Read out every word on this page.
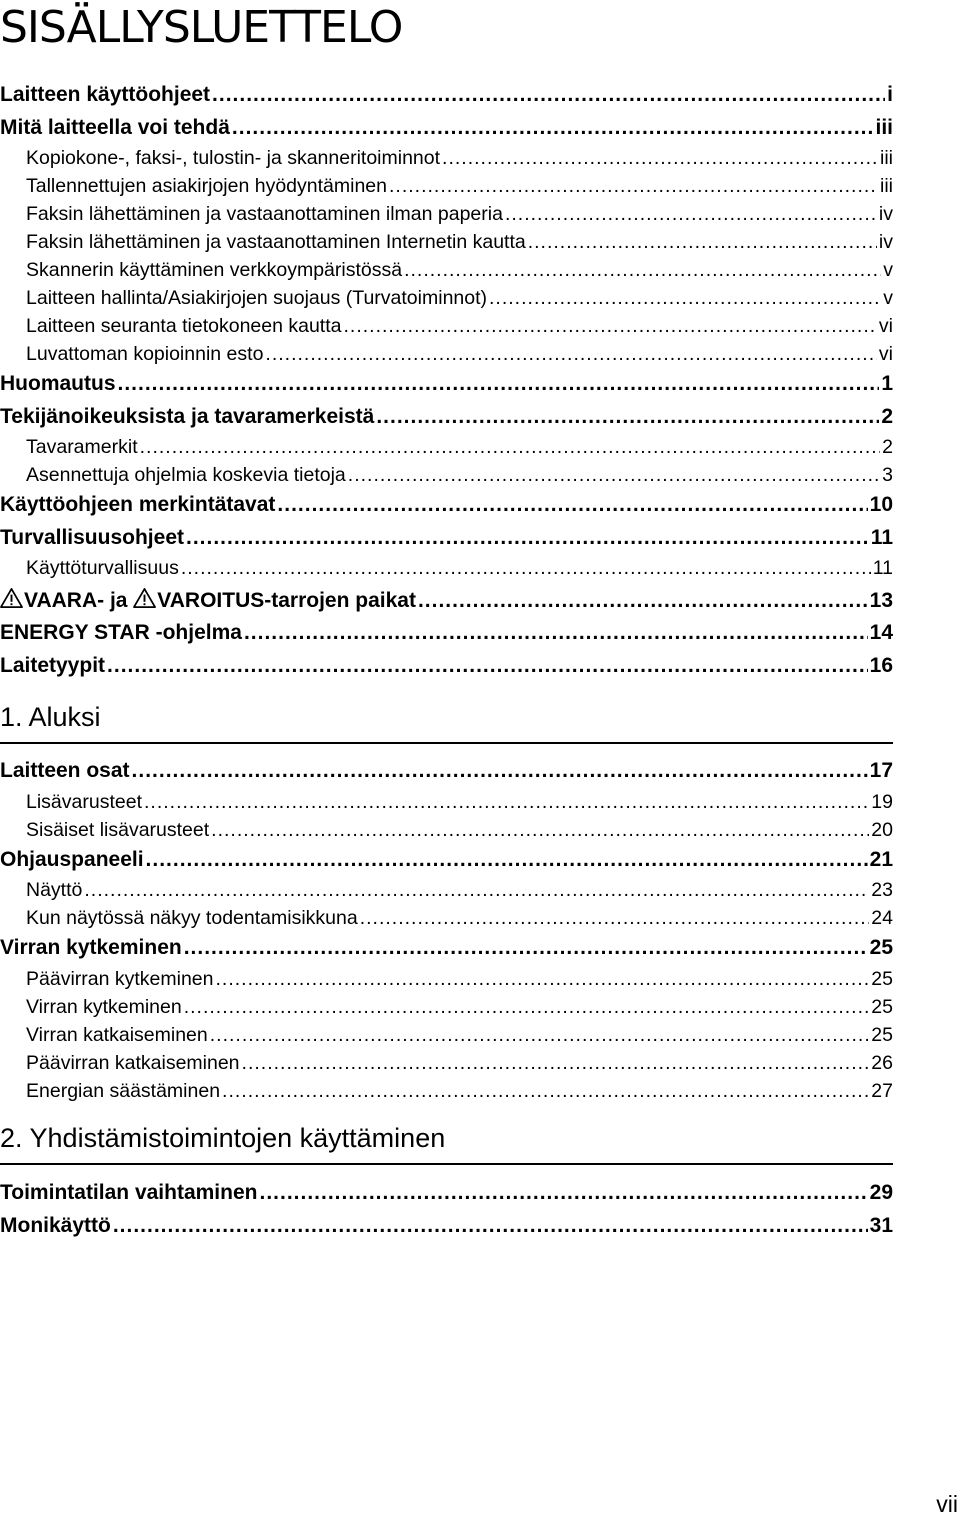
SISÄLLYSLUETTELO
Laitteen käyttöohjeet .....	i
Mitä laitteella voi tehdä .....	iii
Kopiokone-, faksi-, tulostin- ja skanneritoiminnot .....	iii
Tallennettujen asiakirjojen hyödyntäminen .....	iii
Faksin lähettäminen ja vastaanottaminen ilman paperia .....	iv
Faksin lähettäminen ja vastaanottaminen Internetin kautta .....	iv
Skannerin käyttäminen verkkoympäristössä .....	v
Laitteen hallinta/Asiakirjojen suojaus (Turvatoiminnot) .....	v
Laitteen seuranta tietokoneen kautta .....	vi
Luvattoman kopioinnin esto .....	vi
Huomautus .....	1
Tekijänoikeuksista ja tavaramerkeistä .....	2
Tavaramerkit .....	2
Asennettuja ohjelmia koskevia tietoja .....	3
Käyttöohjeen merkintätavat .....	10
Turvallisuusohjeet .....	11
Käyttöturvallisuus .....	11
VAARA- ja VAROITUS-tarrojen paikat .....	13
ENERGY STAR -ohjelma .....	14
Laitetyypit .....	16
1. Aluksi
Laitteen osat .....	17
Lisävarusteet .....	19
Sisäiset lisävarusteet .....	20
Ohjauspaneeli .....	21
Näyttö .....	23
Kun näytössä näkyy todentamisikkuna .....	24
Virran kytkeminen .....	25
Päävirran kytkeminen .....	25
Virran kytkeminen .....	25
Virran katkaiseminen .....	25
Päävirran katkaiseminen .....	26
Energian säästäminen .....	27
2. Yhdistämistoimintojen käyttäminen
Toimintatilan vaihtaminen .....	29
Monikäyttö .....	31
vii
